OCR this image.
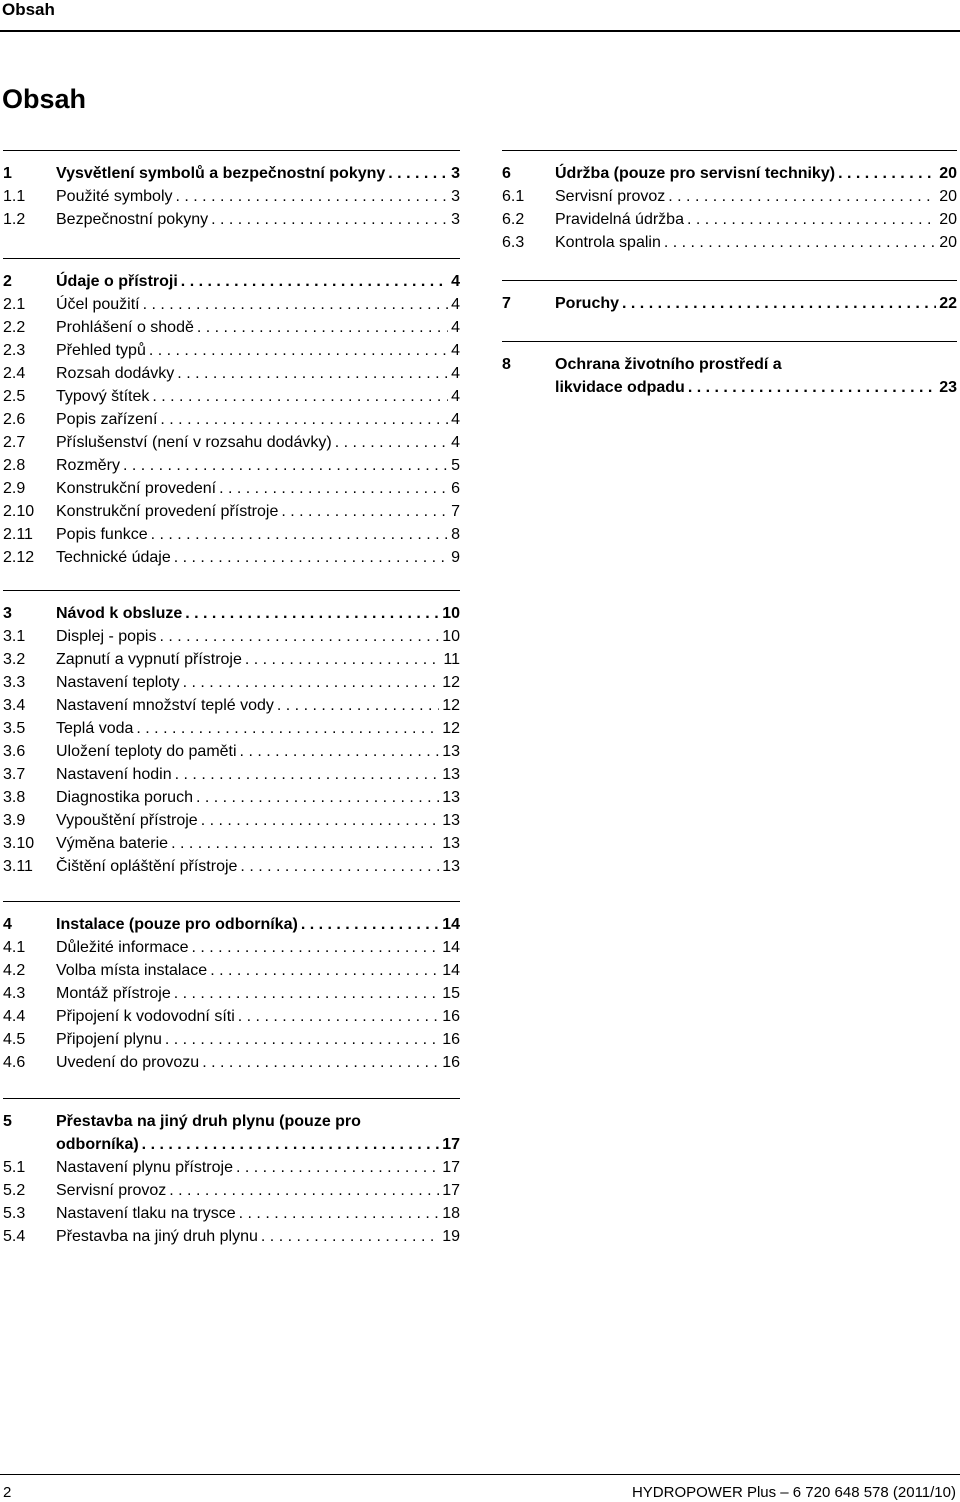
Obsah
Obsah
1	Vysvětlení symbolů a bezpečnostní pokyny . . .	3
1.1	Použité symboly . . .	3
1.2	Bezpečnostní pokyny . . .	3
2	Údaje o přístroji . . .	4
2.1	Účel použití . . .	4
2.2	Prohlášení o shodě . . .	4
2.3	Přehled typů . . .	4
2.4	Rozsah dodávky . . .	4
2.5	Typový štítek . . .	4
2.6	Popis zařízení . . .	4
2.7	Příslušenství (není v rozsahu dodávky) . . .	4
2.8	Rozměry . . .	5
2.9	Konstrukční provedení . . .	6
2.10	Konstrukční provedení přístroje . . .	7
2.11	Popis funkce . . .	8
2.12	Technické údaje . . .	9
3	Návod k obsluze . . .	10
3.1	Displej - popis . . .	10
3.2	Zapnutí a vypnutí přístroje . . .	11
3.3	Nastavení teploty . . .	12
3.4	Nastavení množství teplé vody . . .	12
3.5	Teplá voda . . .	12
3.6	Uložení teploty do paměti . . .	13
3.7	Nastavení hodin . . .	13
3.8	Diagnostika poruch . . .	13
3.9	Vypouštění přístroje . . .	13
3.10	Výměna baterie . . .	13
3.11	Čištění opláštění přístroje . . .	13
4	Instalace (pouze pro odborníka) . . .	14
4.1	Důležité informace . . .	14
4.2	Volba místa instalace . . .	14
4.3	Montáž přístroje . . .	15
4.4	Připojení k vodovodní síti . . .	16
4.5	Připojení plynu . . .	16
4.6	Uvedení do provozu . . .	16
5	Přestavba na jiný druh plynu (pouze pro
odborníka) . . .	17
5.1	Nastavení plynu přístroje . . .	17
5.2	Servisní provoz . . .	17
5.3	Nastavení tlaku na trysce . . .	18
5.4	Přestavba na jiný druh plynu . . .	19
6	Údržba (pouze pro servisní techniky) . . .	20
6.1	Servisní provoz . . .	20
6.2	Pravidelná údržba . . .	20
6.3	Kontrola spalin . . .	20
7	Poruchy . . .	22
8	Ochrana životního prostředí a
likvidace odpadu . . .	23
2	HYDROPOWER Plus – 6 720 648 578 (2011/10)
